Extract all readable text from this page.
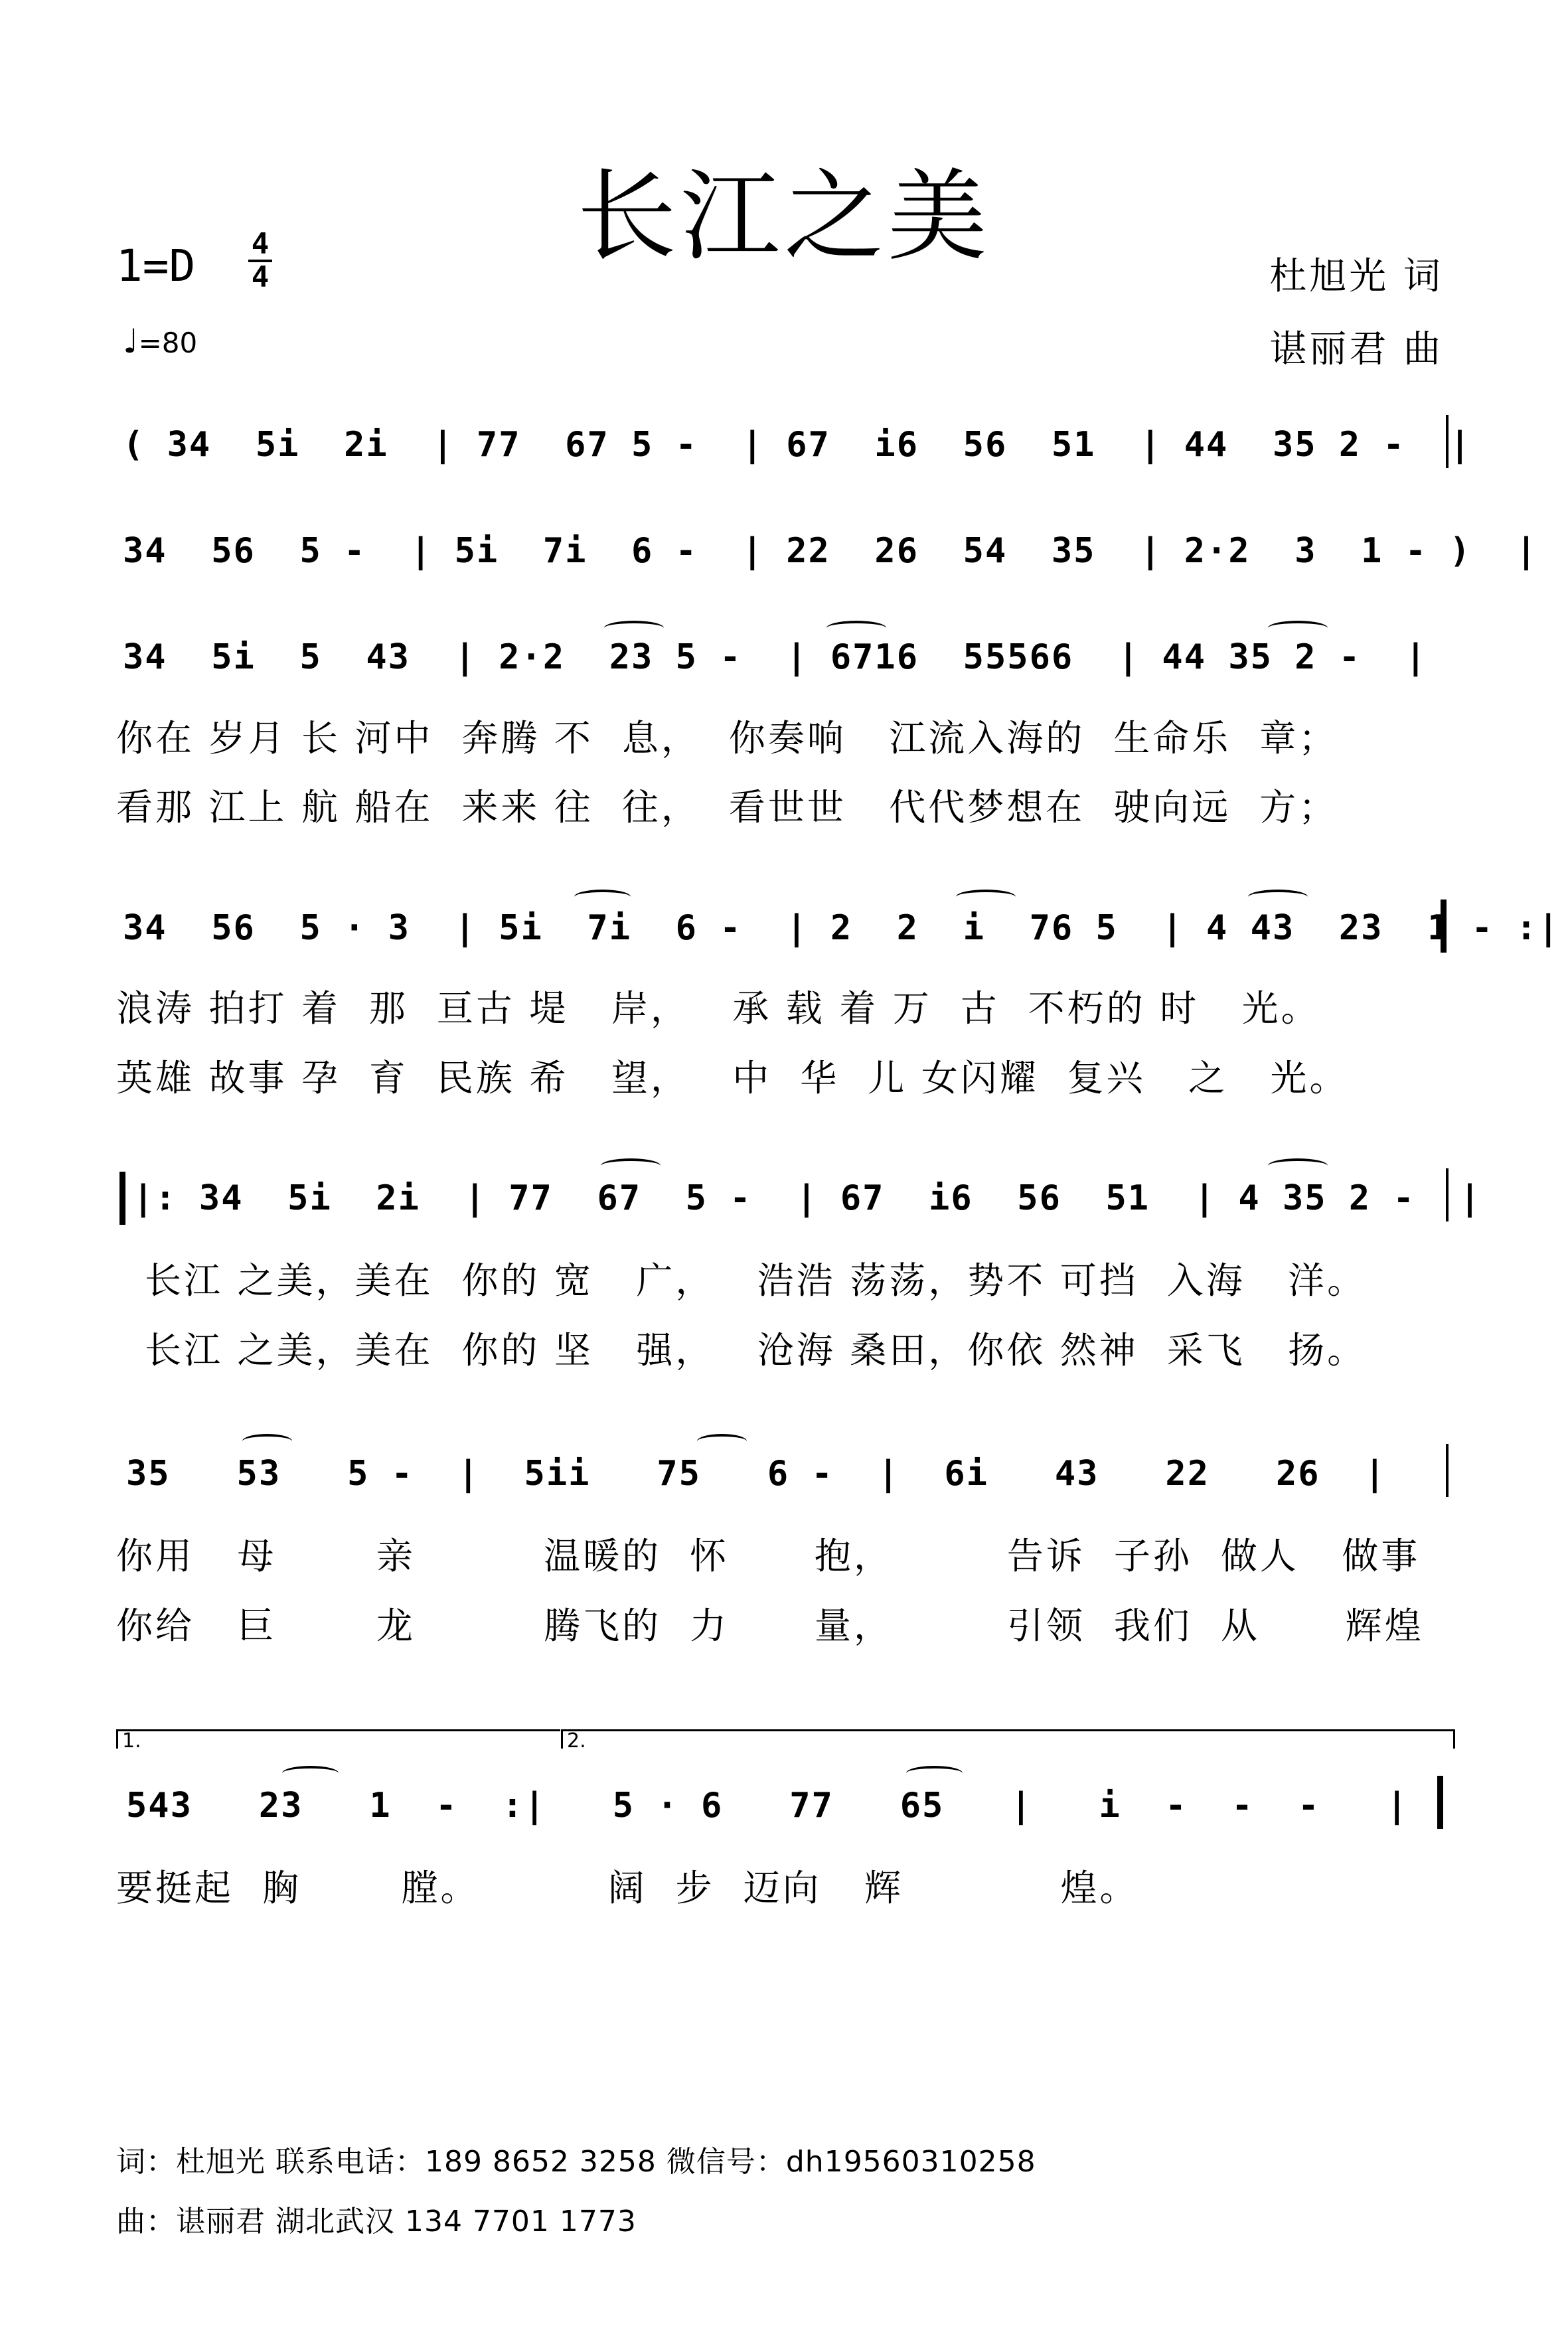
长江之美
1=D 4
4
♩=80
杜旭光 词
谌丽君 曲
( 34  5i  2i  | 77  67 5 -  | 67  i6  56  51  | 44  35 2 -  |
34  56  5 -  | 5i  7i  6 -  | 22  26  54  35  | 2·2  3  1 - )  |
34  5i  5  43  | 2·2  23 5 -  | 6716  55566  | 44 35 2 -  |
你在 岁月 长 河中  奔腾 不  息，  你奏响   江流入海的  生命乐  章；
看那 江上 航 船在  来来 往  往，  看世世   代代梦想在  驶向远  方；
34  56  5 · 3  | 5i  7i  6 -  | 2  2  i  76 5  | 4 43  23  1 - :|
浪涛 拍打 着  那  亘古 堤   岸，   承 载 着 万  古  不朽的 时   光。
英雄 故事 孕  育  民族 希   望，   中  华  儿 女闪耀  复兴   之   光。
|: 34  5i  2i  | 77  67  5 -  | 67  i6  56  51  | 4 35 2 -  |
长江 之美，美在  你的 宽   广，   浩浩 荡荡，势不 可挡  入海   洋。
长江 之美，美在  你的 坚   强，   沧海 桑田，你依 然神  采飞   扬。
35   53   5 -  |  5ii   75   6 -  |  6i   43   22   26  |
你用   母       亲         温暖的  怀      抱，        告诉  子孙  做人   做事
你给   巨       龙         腾飞的  力      量，        引领  我们  从      辉煌
1.	2.
543   23   1  -  :|   5 · 6   77   65   |   i  -  -  -   |
要挺起  胸       膛。         阔  步  迈向   辉           煌。
词：杜旭光 联系电话：189 8652 3258 微信号：dh19560310258
曲：谌丽君 湖北武汉 134 7701 1773
